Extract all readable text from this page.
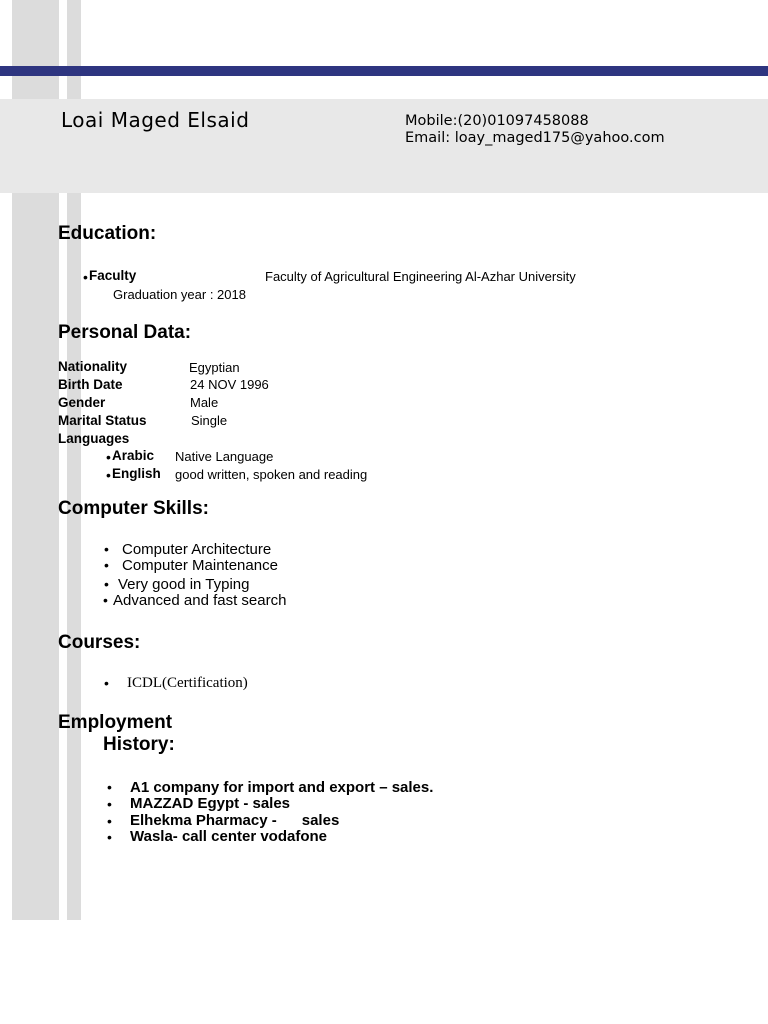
Loai Maged Elsaid	Mobile:(20)01097458088
Email: loay_maged175@yahoo.com
Education:
• Faculty	Faculty of Agricultural Engineering Al-Azhar University
Graduation year : 2018
Personal Data:
Nationality	Egyptian
Birth Date	24 NOV 1996
Gender	Male
Marital Status	Single
Languages
• Arabic Native Language
• English good written, spoken and reading
Computer Skills:
• Computer Architecture
• Computer Maintenance
• Very good in Typing
• Advanced and fast search
Courses:
• ICDL(Certification)
Employment
History:
• A1 company for import and export – sales.
• MAZZAD Egypt - sales
• Elhekma Pharmacy -      sales
• Wasla- call center vodafone
